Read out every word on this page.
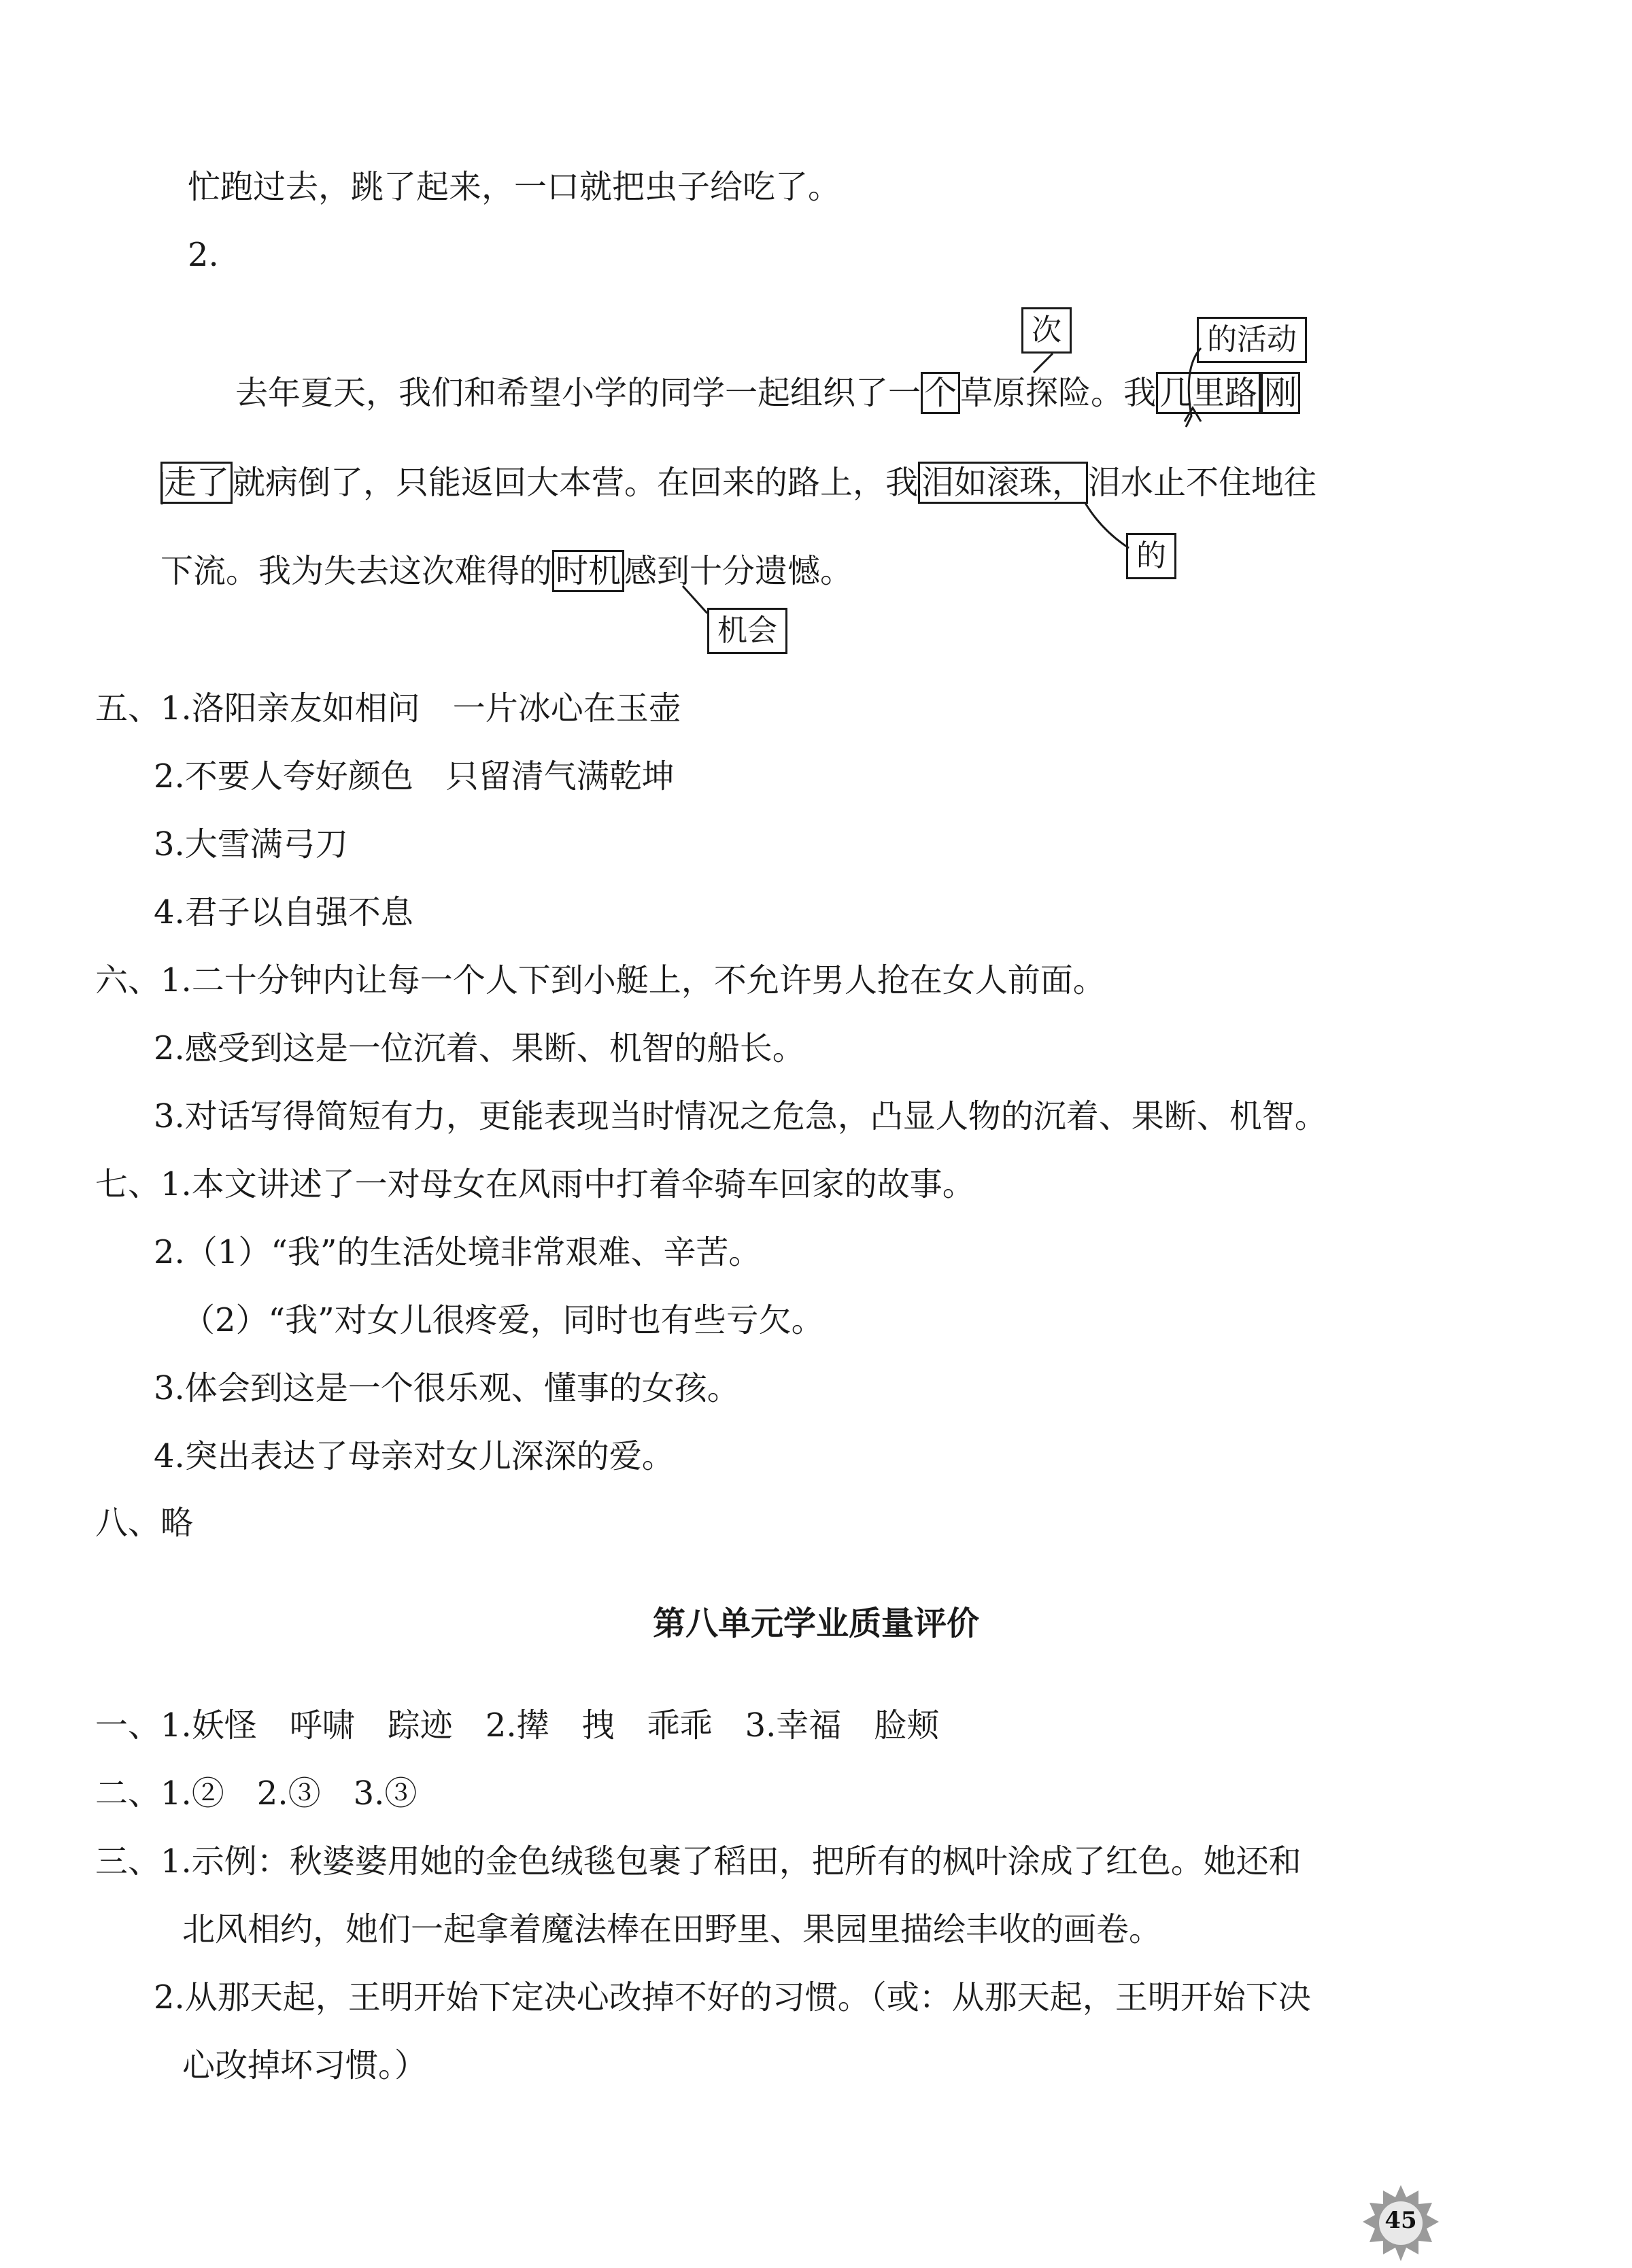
忙跑过去，跳了起来，一口就把虫子给吃了。
2.
去年夏天，我们和希望小学的同学一起组织了一 个 草原探险。我 几里路 刚
走了 就病倒了，只能返回大本营。在回来的路上，我 泪如滚珠， 泪水止不住地往
下流。我为失去这次难得的 时机 感到十分遗憾。
次	的活动
的
机会
五、1.洛阳亲友如相问　一片冰心在玉壶
2.不要人夸好颜色　只留清气满乾坤
3.大雪满弓刀
4.君子以自强不息
六、1.二十分钟内让每一个人下到小艇上，不允许男人抢在女人前面。
2.感受到这是一位沉着、果断、机智的船长。
3.对话写得简短有力，更能表现当时情况之危急，凸显人物的沉着、果断、机智。
七、1.本文讲述了一对母女在风雨中打着伞骑车回家的故事。
2.（1）“我”的生活处境非常艰难、辛苦。
（2）“我”对女儿很疼爱，同时也有些亏欠。
3.体会到这是一个很乐观、懂事的女孩。
4.突出表达了母亲对女儿深深的爱。
八、略
第八单元学业质量评价
一、1.妖怪　呼啸　踪迹　2.撵　拽　乖乖　3.幸福　脸颊
二、1.②　2.③　3.③
三、1.示例：秋婆婆用她的金色绒毯包裹了稻田，把所有的枫叶涂成了红色。她还和
北风相约，她们一起拿着魔法棒在田野里、果园里描绘丰收的画卷。
2.从那天起，王明开始下定决心改掉不好的习惯。（或：从那天起，王明开始下决
心改掉坏习惯。）
45
